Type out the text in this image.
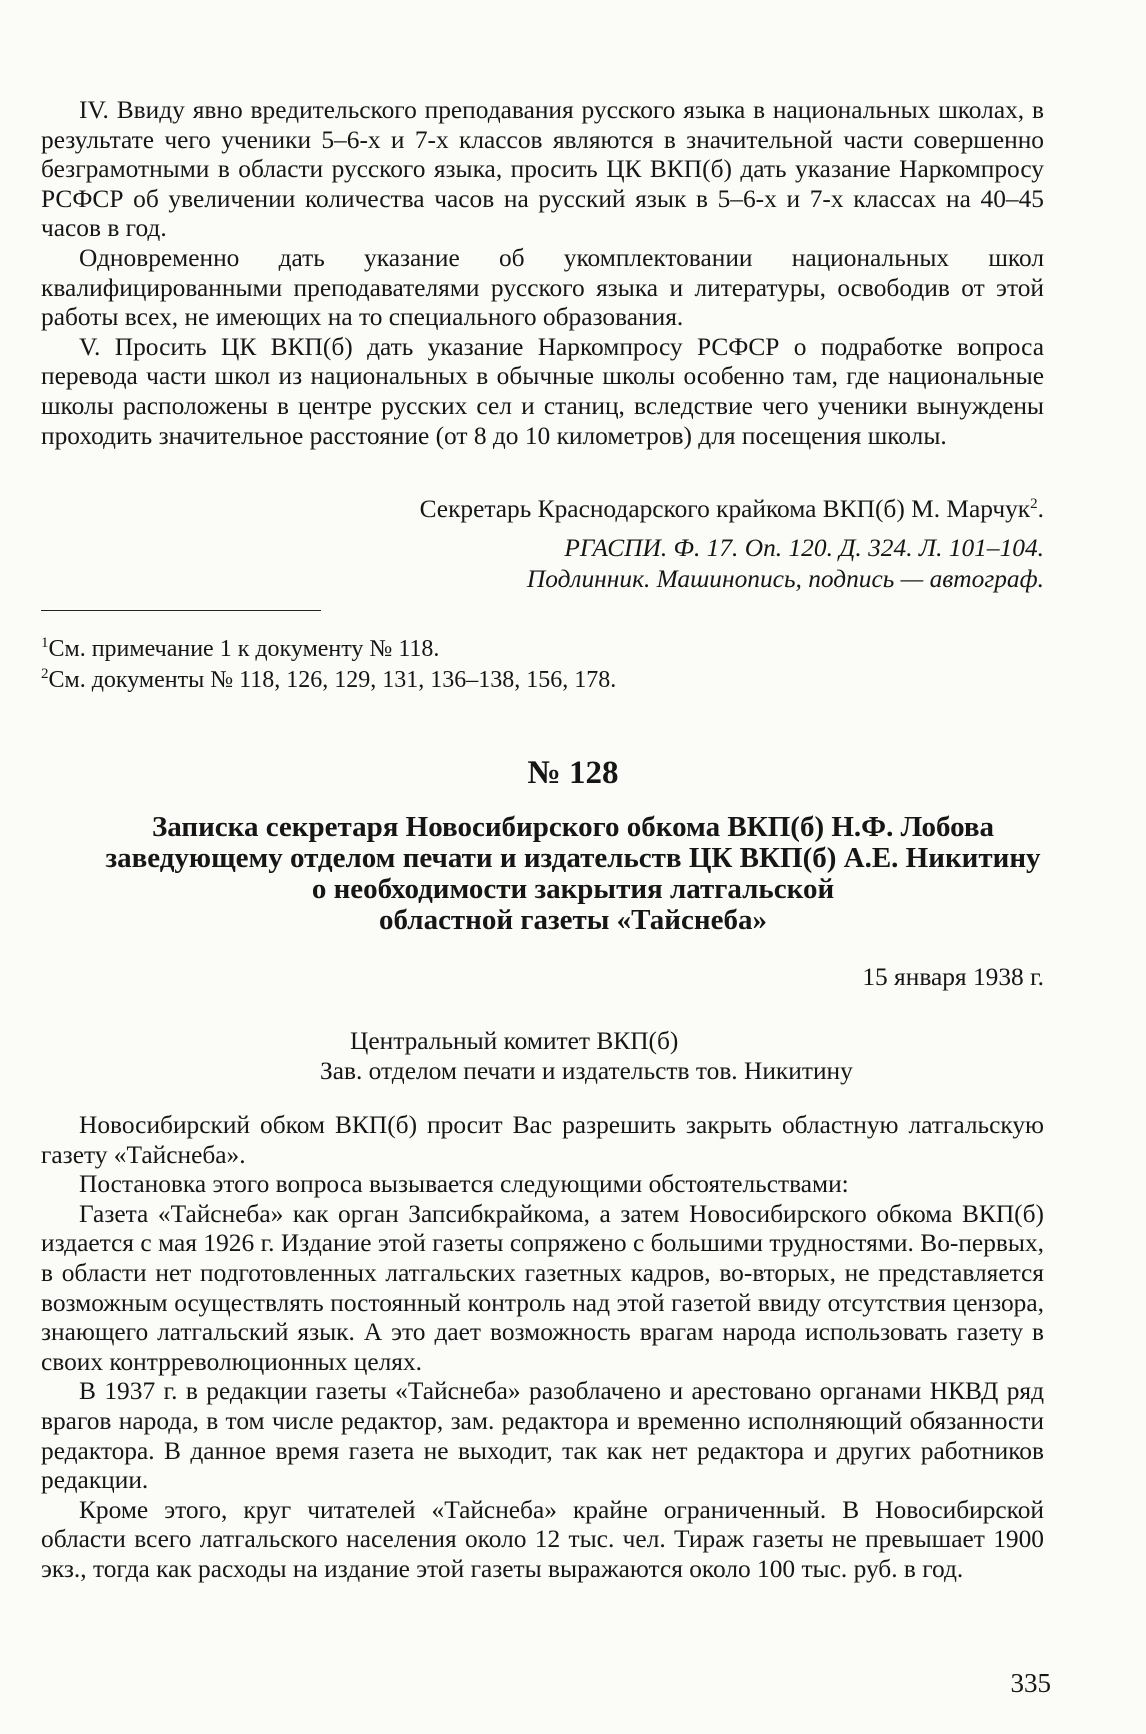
IV. Ввиду явно вредительского преподавания русского языка в национальных школах, в результате чего ученики 5–6-х и 7-х классов являются в значительной части совершенно безграмотными в области русского языка, просить ЦК ВКП(б) дать указание Наркомпросу РСФСР об увеличении количества часов на русский язык в 5–6-х и 7-х классах на 40–45 часов в год.

Одновременно дать указание об укомплектовании национальных школ квалифицированными преподавателями русского языка и литературы, освободив от этой работы всех, не имеющих на то специального образования.

V. Просить ЦК ВКП(б) дать указание Наркомпросу РСФСР о подработке вопроса перевода части школ из национальных в обычные школы особенно там, где национальные школы расположены в центре русских сел и станиц, вследствие чего ученики вынуждены проходить значительное расстояние (от 8 до 10 километров) для посещения школы.

Секретарь Краснодарского крайкома ВКП(б) М. Марчук$^2$.
РГАСПИ. Ф. 17. Оп. 120. Д. 324. Л. 101–104.
Подлинник. Машинопись, подпись — автограф.
$^1$См. примечание 1 к документу № 118.
$^2$См. документы № 118, 126, 129, 131, 136–138, 156, 178.
№ 128
Записка секретаря Новосибирского обкома ВКП(б) Н.Ф. Лобова
заведующему отделом печати и издательств ЦК ВКП(б) А.Е. Никитину
о необходимости закрытия латгальской
областной газеты «Тайснеба»
15 января 1938 г.
Центральный комитет ВКП(б)
Зав. отделом печати и издательств тов. Никитину

Новосибирский обком ВКП(б) просит Вас разрешить закрыть областную латгальскую газету «Тайснеба».

Постановка этого вопроса вызывается следующими обстоятельствами:

Газета «Тайснеба» как орган Запсибкрайкома, а затем Новосибирского обкома ВКП(б) издается с мая 1926 г. Издание этой газеты сопряжено с большими трудностями. Во-первых, в области нет подготовленных латгальских газетных кадров, во-вторых, не представляется возможным осуществлять постоянный контроль над этой газетой ввиду отсутствия цензора, знающего латгальский язык. А это дает возможность врагам народа использовать газету в своих контрреволюционных целях.

В 1937 г. в редакции газеты «Тайснеба» разоблачено и арестовано органами НКВД ряд врагов народа, в том числе редактор, зам. редактора и временно исполняющий обязанности редактора. В данное время газета не выходит, так как нет редактора и других работников редакции.

Кроме этого, круг читателей «Тайснеба» крайне ограниченный. В Новосибирской области всего латгальского населения около 12 тыс. чел. Тираж газеты не превышает 1900 экз., тогда как расходы на издание этой газеты выражаются около 100 тыс. руб. в год.

335
